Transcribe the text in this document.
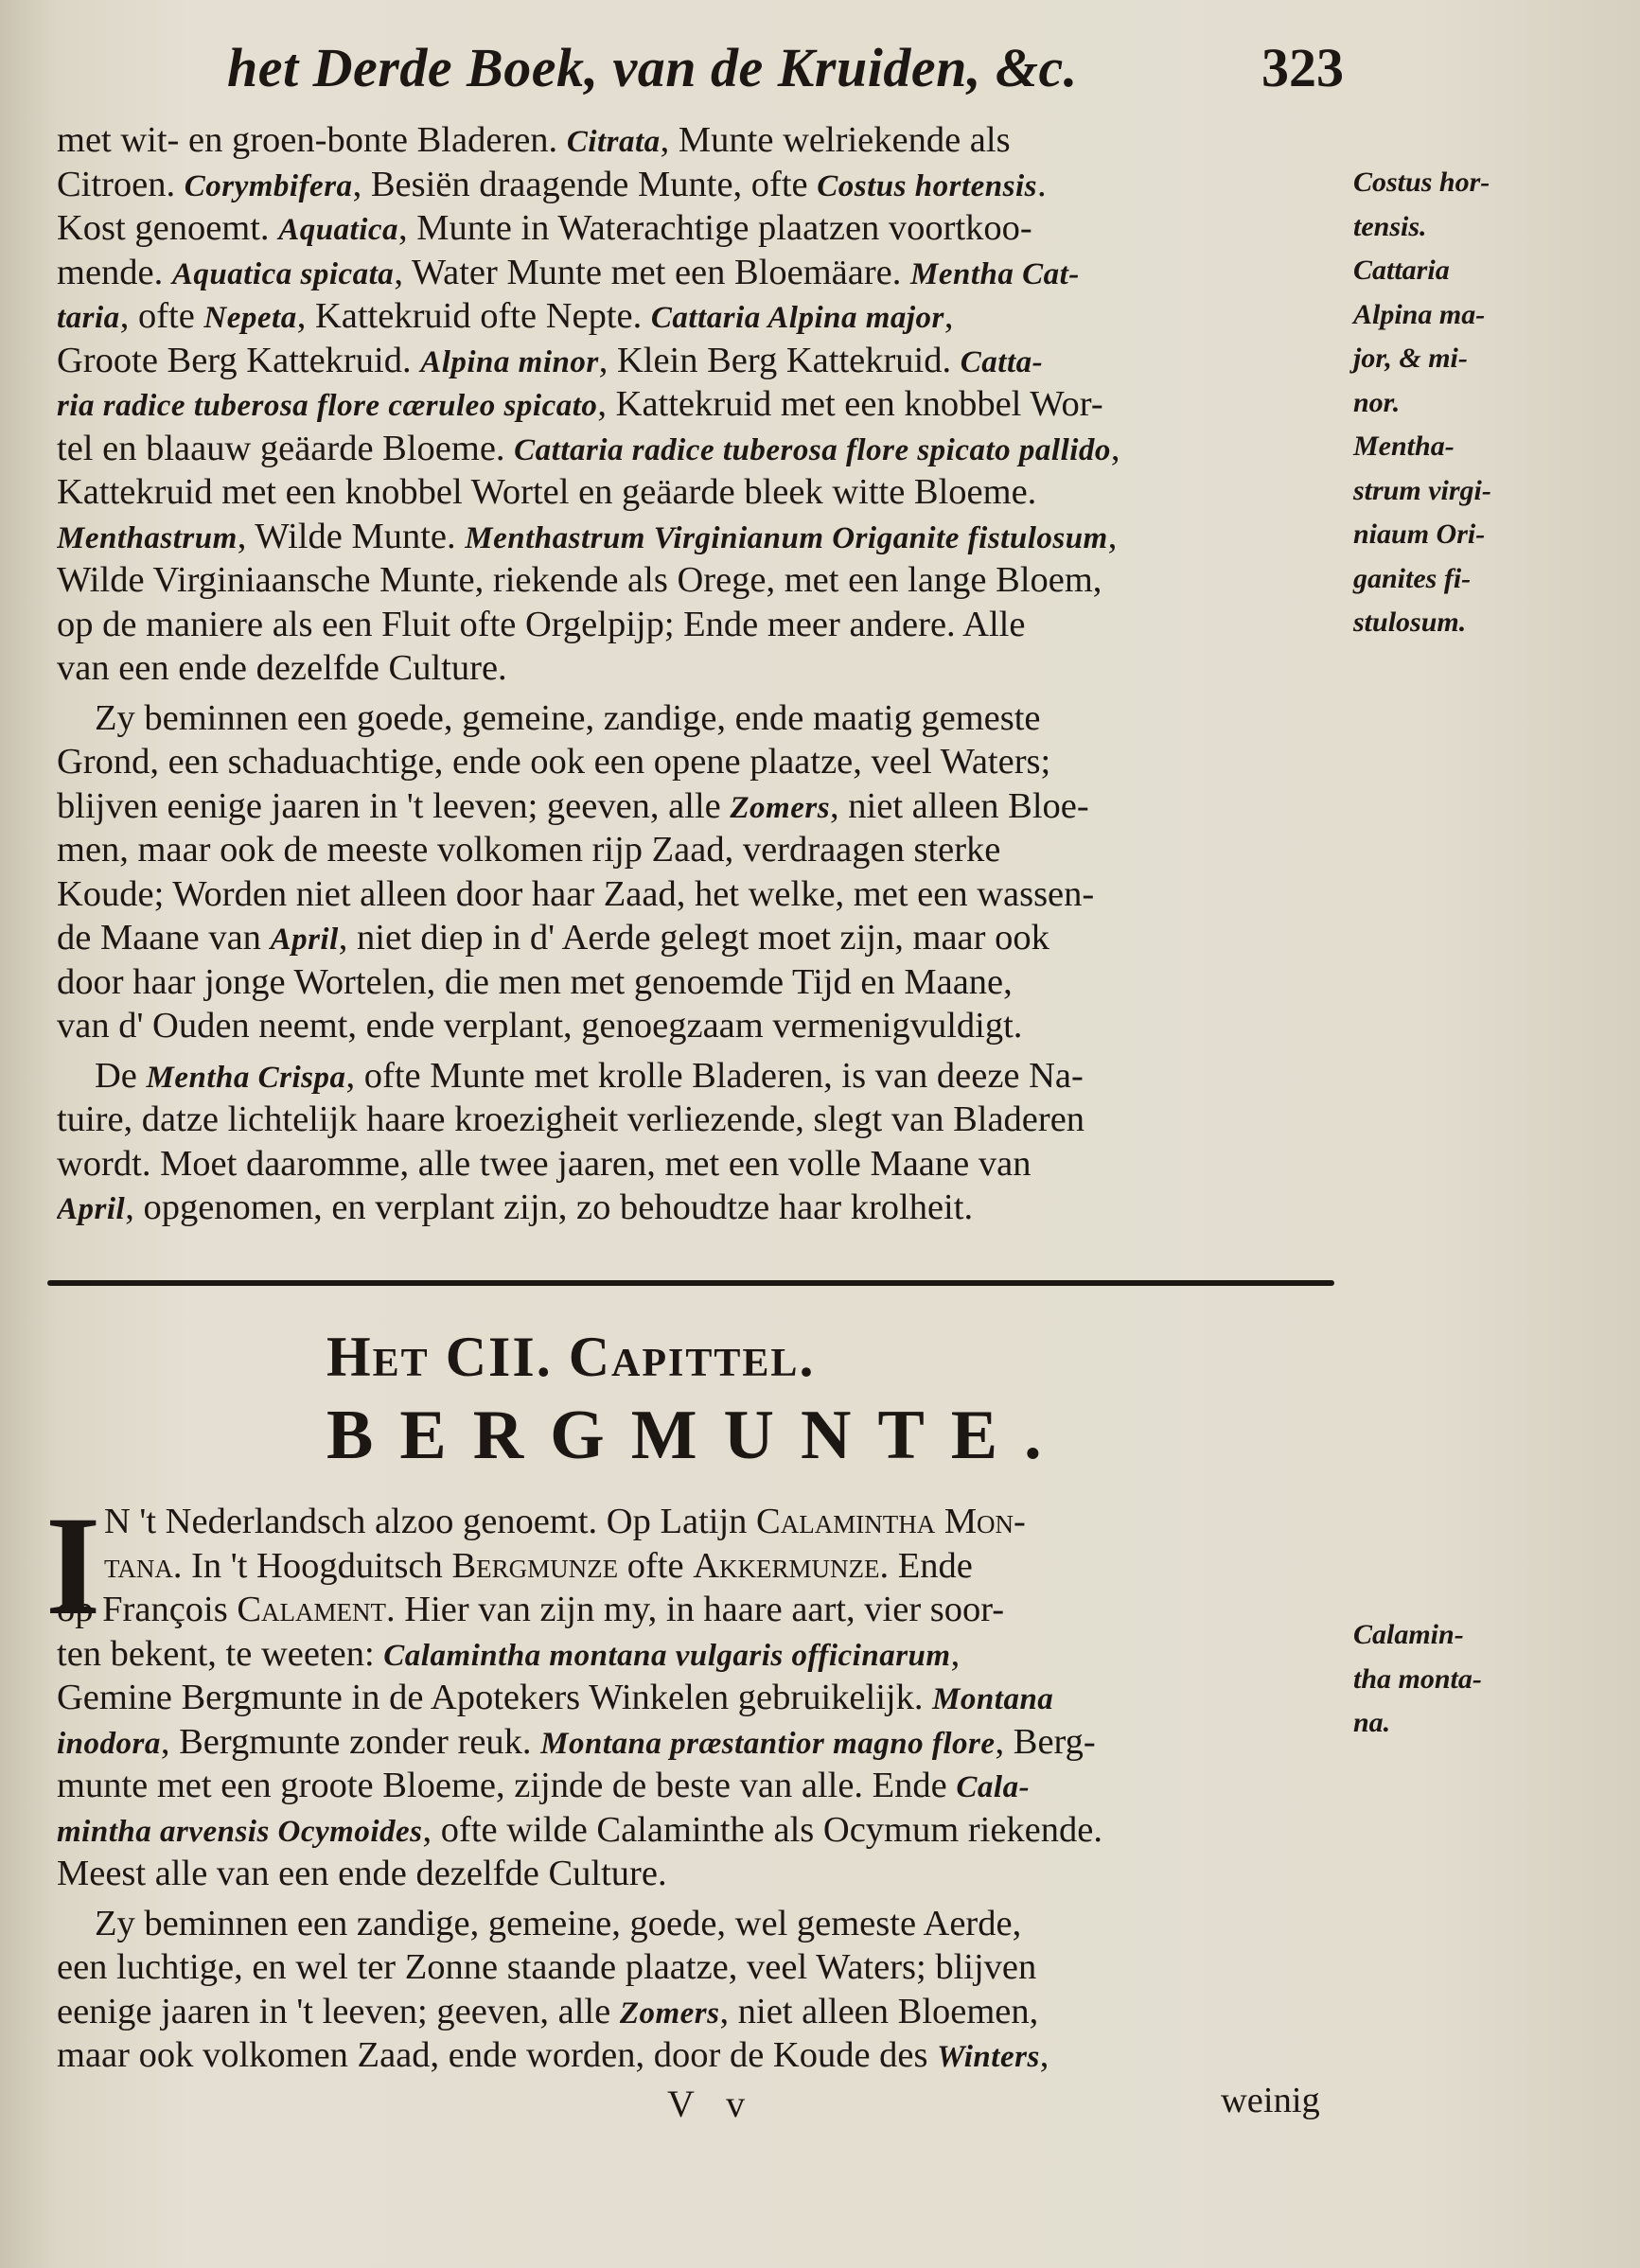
het Derde Boek, van de Kruiden, &c.	323
met wit- en groen-bonte Bladeren. Citrata, Munte welriekende als
Citroen. Corymbifera, Besiën draagende Munte, ofte Costus hortensis.
Kost genoemt. Aquatica, Munte in Waterachtige plaatzen voortkoo-
mende. Aquatica spicata, Water Munte met een Bloemäare. Mentha Cat-
taria, ofte Nepeta, Kattekruid ofte Nepte. Cattaria Alpina major,
Groote Berg Kattekruid. Alpina minor, Klein Berg Kattekruid. Catta-
ria radice tuberosa flore cæruleo spicato, Kattekruid met een knobbel Wor-
tel en blaauw geäarde Bloeme. Cattaria radice tuberosa flore spicato pallido,
Kattekruid met een knobbel Wortel en geäarde bleek witte Bloeme.
Menthastrum, Wilde Munte. Menthastrum Virginianum Origanite fistulosum,
Wilde Virginiaansche Munte, riekende als Orege, met een lange Bloem,
op de maniere als een Fluit ofte Orgelpijp; Ende meer andere. Alle
van een ende dezelfde Culture.
Zy beminnen een goede, gemeine, zandige, ende maatig gemeste
Grond, een schaduachtige, ende ook een opene plaatze, veel Waters;
blijven eenige jaaren in 't leeven; geeven, alle Zomers, niet alleen Bloe-
men, maar ook de meeste volkomen rijp Zaad, verdraagen sterke
Koude; Worden niet alleen door haar Zaad, het welke, met een wassen-
de Maane van April, niet diep in d' Aerde gelegt moet zijn, maar ook
door haar jonge Wortelen, die men met genoemde Tijd en Maane,
van d' Ouden neemt, ende verplant, genoegzaam vermenigvuldigt.
De Mentha Crispa, ofte Munte met krolle Bladeren, is van deeze Na-
tuire, datze lichtelijk haare kroezigheit verliezende, slegt van Bladeren
wordt. Moet daaromme, alle twee jaaren, met een volle Maane van
April, opgenomen, en verplant zijn, zo behoudtze haar krolheit.
Costus hor-
tensis.
Cattaria
Alpina ma-
jor, & mi-
nor.
Mentha-
strum virgi-
niaum Ori-
ganites fi-
stulosum.
Het CII. Capittel.
BERGMUNTE.
I N 't Nederlandsch alzoo genoemt. Op Latijn Calamintha Mon-
tana. In 't Hoogduitsch Bergmunze ofte Akkermunze. Ende
op François Calament. Hier van zijn my, in haare aart, vier soor-
ten bekent, te weeten: Calamintha montana vulgaris officinarum,
Gemine Bergmunte in de Apotekers Winkelen gebruikelijk. Montana
inodora, Bergmunte zonder reuk. Montana præstantior magno flore, Berg-
munte met een groote Bloeme, zijnde de beste van alle. Ende Cala-
mintha arvensis Ocymoides, ofte wilde Calaminthe als Ocymum riekende.
Meest alle van een ende dezelfde Culture.
Zy beminnen een zandige, gemeine, goede, wel gemeste Aerde,
een luchtige, en wel ter Zonne staande plaatze, veel Waters; blijven
eenige jaaren in 't leeven; geeven, alle Zomers, niet alleen Bloemen,
maar ook volkomen Zaad, ende worden, door de Koude des Winters,
Calamin-
tha monta-
na.
V v	weinig
